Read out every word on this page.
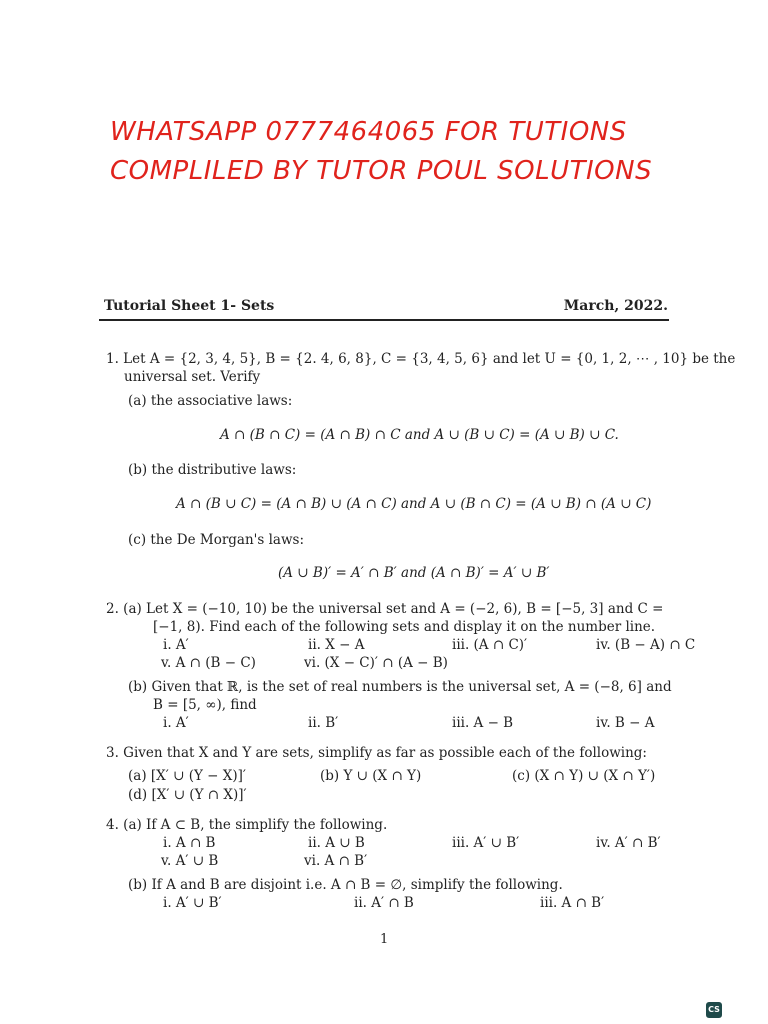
WHATSAPP 0777464065 FOR TUTIONS
COMPLILED BY TUTOR POUL SOLUTIONS
Tutorial Sheet 1- Sets	March, 2022.
1. Let A = {2, 3, 4, 5}, B = {2. 4, 6, 8}, C = {3, 4, 5, 6} and let U = {0, 1, 2, ⋯ , 10} be the
universal set. Verify
(a) the associative laws:
A ∩ (B ∩ C) = (A ∩ B) ∩ C and A ∪ (B ∪ C) = (A ∪ B) ∪ C.
(b) the distributive laws:
A ∩ (B ∪ C) = (A ∩ B) ∪ (A ∩ C) and A ∪ (B ∩ C) = (A ∪ B) ∩ (A ∪ C)
(c) the De Morgan's laws:
(A ∪ B)′ = A′ ∩ B′ and (A ∩ B)′ = A′ ∪ B′
2. (a) Let X = (−10, 10) be the universal set and A = (−2, 6), B = [−5, 3] and C =
[−1, 8). Find each of the following sets and display it on the number line.
i. A′	ii. X − A	iii. (A ∩ C)′	iv. (B − A) ∩ C
v. A ∩ (B − C)	vi. (X − C)′ ∩ (A − B)
(b) Given that ℝ, is the set of real numbers is the universal set, A = (−8, 6] and
B = [5, ∞), find
i. A′	ii. B′	iii. A − B	iv. B − A
3. Given that X and Y are sets, simplify as far as possible each of the following:
(a) [X′ ∪ (Y − X)]′	(b) Y ∪ (X ∩ Y)	(c) (X ∩ Y) ∪ (X ∩ Y′)
(d) [X′ ∪ (Y ∩ X)]′
4. (a) If A ⊂ B, the simplify the following.
i. A ∩ B	ii. A ∪ B	iii. A′ ∪ B′	iv. A′ ∩ B′
v. A′ ∪ B	vi. A ∩ B′
(b) If A and B are disjoint i.e. A ∩ B = ∅, simplify the following.
i. A′ ∪ B′	ii. A′ ∩ B	iii. A ∩ B′
1
CS
